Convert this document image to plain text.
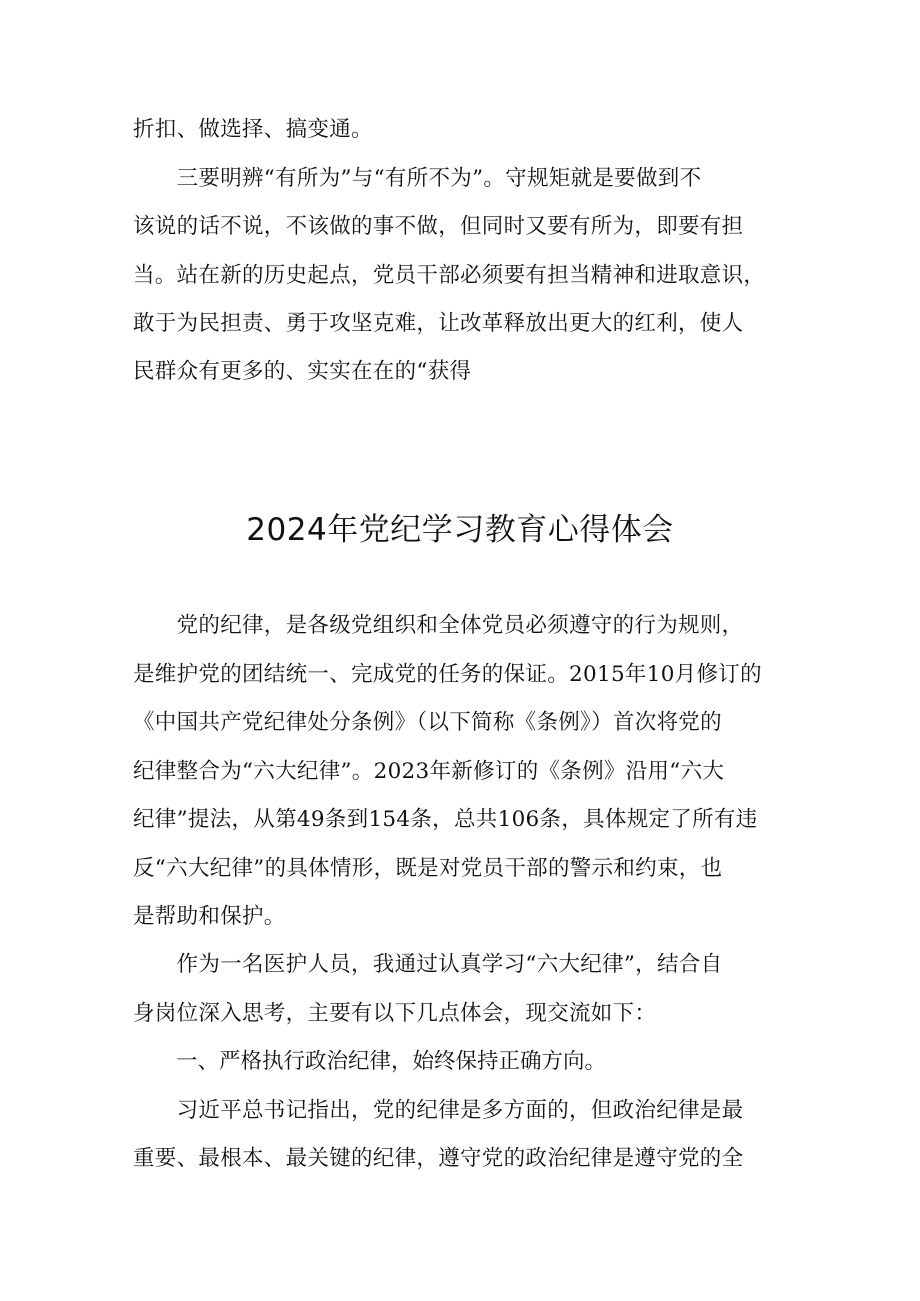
折扣、做选择、搞变通。
　　三要明辨“有所为”与“有所不为”。守规矩就是要做到不
该说的话不说，不该做的事不做，但同时又要有所为，即要有担
当。站在新的历史起点，党员干部必须要有担当精神和进取意识，
敢于为民担责、勇于攻坚克难，让改革释放出更大的红利，使人
民群众有更多的、实实在在的“获得
2024年党纪学习教育心得体会
　　党的纪律，是各级党组织和全体党员必须遵守的行为规则，
是维护党的团结统一、完成党的任务的保证。2015年10月修订的
《中国共产党纪律处分条例》（以下简称《条例》）首次将党的
纪律整合为“六大纪律”。2023年新修订的《条例》沿用“六大
纪律”提法，从第49条到154条，总共106条，具体规定了所有违
反“六大纪律”的具体情形，既是对党员干部的警示和约束，也
是帮助和保护。
　　作为一名医护人员，我通过认真学习“六大纪律”，结合自
身岗位深入思考，主要有以下几点体会，现交流如下：
　　一、严格执行政治纪律，始终保持正确方向。
　　习近平总书记指出，党的纪律是多方面的，但政治纪律是最
重要、最根本、最关键的纪律，遵守党的政治纪律是遵守党的全
